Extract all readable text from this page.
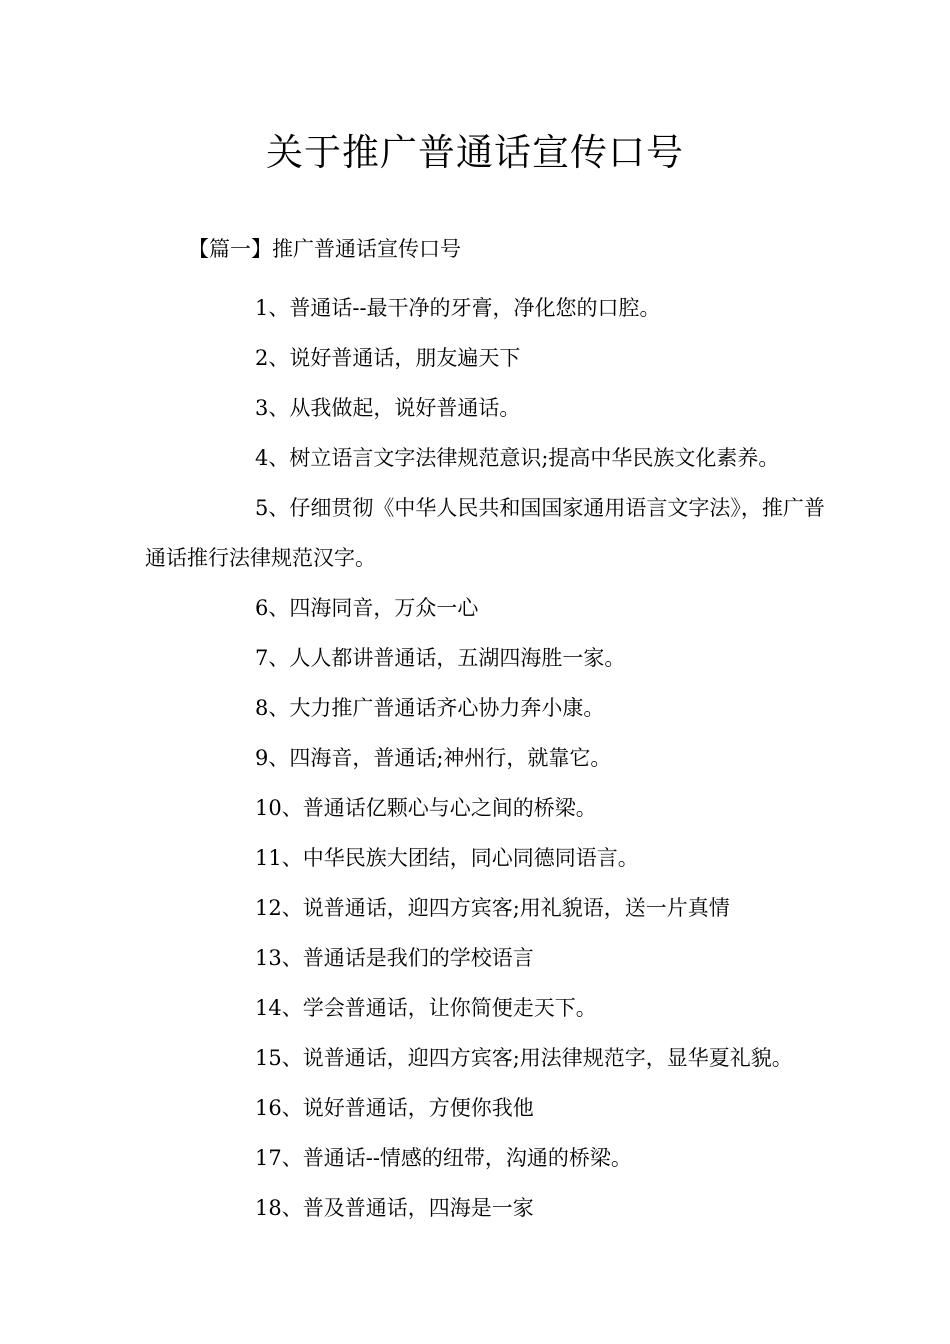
关于推广普通话宣传口号
【篇一】推广普通话宣传口号
1、普通话--最干净的牙膏，净化您的口腔。
2、说好普通话，朋友遍天下
3、从我做起，说好普通话。
4、树立语言文字法律规范意识;提高中华民族文化素养。
5、仔细贯彻《中华人民共和国国家通用语言文字法》，推广普通话推行法律规范汉字。
6、四海同音，万众一心
7、人人都讲普通话，五湖四海胜一家。
8、大力推广普通话齐心协力奔小康。
9、四海音，普通话;神州行，就靠它。
10、普通话亿颗心与心之间的桥梁。
11、中华民族大团结，同心同德同语言。
12、说普通话，迎四方宾客;用礼貌语，送一片真情
13、普通话是我们的学校语言
14、学会普通话，让你简便走天下。
15、说普通话，迎四方宾客;用法律规范字，显华夏礼貌。
16、说好普通话，方便你我他
17、普通话--情感的纽带，沟通的桥梁。
18、普及普通话，四海是一家
